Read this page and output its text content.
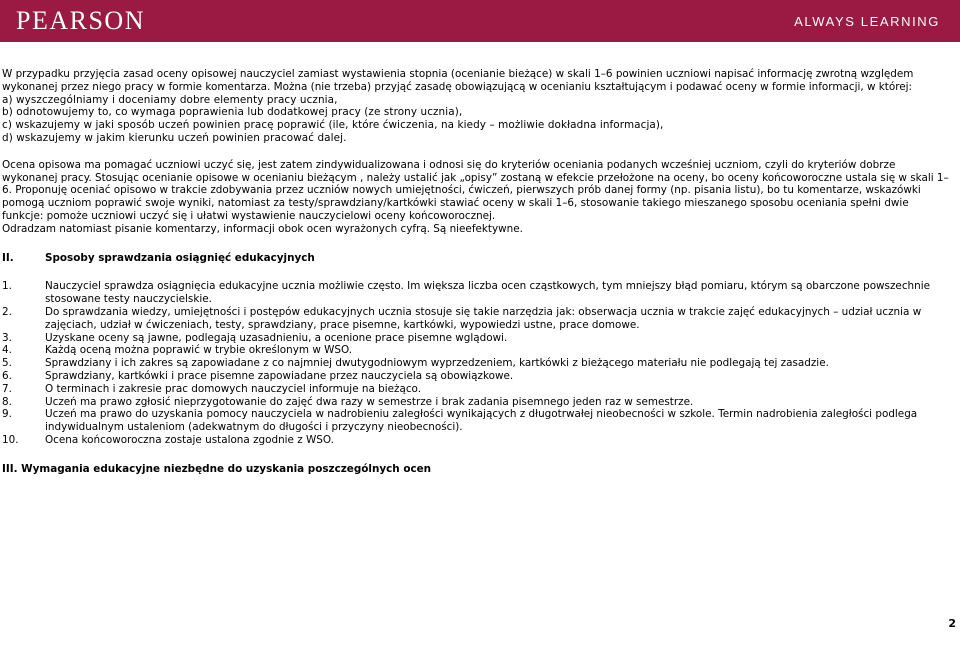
PEARSON	ALWAYS LEARNING

W przypadku przyjęcia zasad oceny opisowej nauczyciel zamiast wystawienia stopnia (ocenianie bieżące) w skali 1–6 powinien uczniowi napisać informację zwrotną względem wykonanej przez niego pracy w formie komentarza. Można (nie trzeba) przyjąć zasadę obowiązującą w ocenianiu kształtującym i podawać oceny w formie informacji, w której:

a) wyszczególniamy i doceniamy dobre elementy pracy ucznia,

b) odnotowujemy to, co wymaga poprawienia lub dodatkowej pracy (ze strony ucznia),

c) wskazujemy w jaki sposób uczeń powinien pracę poprawić (ile, które ćwiczenia, na kiedy – możliwie dokładna informacja),

d) wskazujemy w jakim kierunku uczeń powinien pracować dalej.

Ocena opisowa ma pomagać uczniowi uczyć się, jest zatem zindywidualizowana i odnosi się do kryteriów oceniania podanych wcześniej uczniom, czyli do kryteriów dobrze wykonanej pracy. Stosując ocenianie opisowe w ocenianiu bieżącym , należy ustalić jak „opisy” zostaną w efekcie przełożone na oceny, bo oceny końcoworoczne ustala się w skali 1–6. Proponuję oceniać opisowo w trakcie zdobywania przez uczniów nowych umiejętności, ćwiczeń, pierwszych prób danej formy (np. pisania listu), bo tu komentarze, wskazówki pomogą uczniom poprawić swoje wyniki, natomiast za testy/sprawdziany/kartkówki stawiać oceny w skali 1–6, stosowanie takiego mieszanego sposobu oceniania spełni dwie funkcje: pomoże uczniowi uczyć się i ułatwi wystawienie nauczycielowi oceny końcoworocznej.

Odradzam natomiast pisanie komentarzy, informacji obok ocen wyrażonych cyfrą. Są nieefektywne.

II.	Sposoby sprawdzania osiągnięć edukacyjnych
1.	Nauczyciel sprawdza osiągnięcia edukacyjne ucznia możliwie często. Im większa liczba ocen cząstkowych, tym mniejszy błąd pomiaru, którym są obarczone powszechnie stosowane testy nauczycielskie.
2.	Do sprawdzania wiedzy, umiejętności i postępów edukacyjnych ucznia stosuje się takie narzędzia jak: obserwacja ucznia w trakcie zajęć edukacyjnych – udział ucznia w zajęciach, udział w ćwiczeniach, testy, sprawdziany, prace pisemne, kartkówki, wypowiedzi ustne, prace domowe.
3.	Uzyskane oceny są jawne, podlegają uzasadnieniu, a ocenione prace pisemne wglądowi.
4.	Każdą oceną można poprawić w trybie określonym w WSO.
5.	Sprawdziany i ich zakres są zapowiadane z co najmniej dwutygodniowym wyprzedzeniem, kartkówki z bieżącego materiału nie podlegają tej zasadzie.
6.	Sprawdziany, kartkówki i prace pisemne zapowiadane przez nauczyciela są obowiązkowe.
7.	O terminach i zakresie prac domowych nauczyciel informuje na bieżąco.
8.	Uczeń ma prawo zgłosić nieprzygotowanie do zajęć dwa razy w semestrze i brak zadania pisemnego jeden raz w semestrze.
9.	Uczeń ma prawo do uzyskania pomocy nauczyciela w nadrobieniu zaległości wynikających z długotrwałej nieobecności w szkole. Termin nadrobienia zaległości podlega indywidualnym ustaleniom (adekwatnym do długości i przyczyny nieobecności).
10.	Ocena końcoworoczna zostaje ustalona zgodnie z WSO.

III. Wymagania edukacyjne niezbędne do uzyskania poszczególnych ocen

2
